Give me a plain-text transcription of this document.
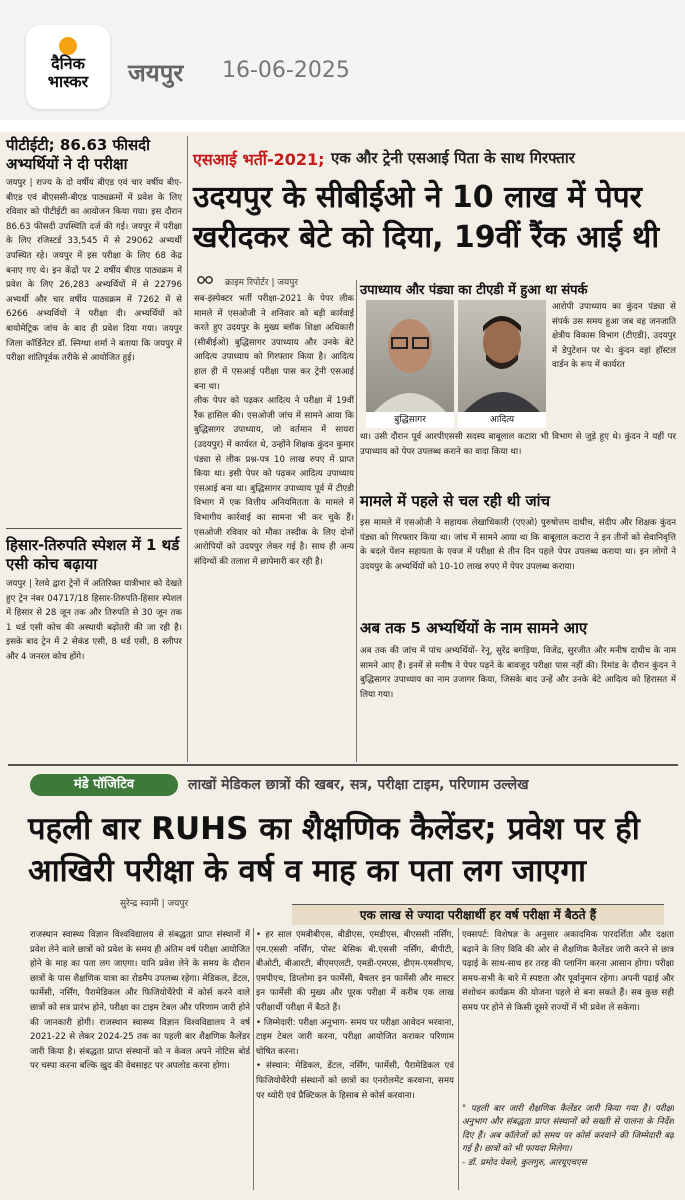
दैनिक
भास्कर	जयपुर 16-06-2025
पीटीईटी; 86.63 फीसदी अभ्यर्थियों ने दी परीक्षा
जयपुर | राज्य के दो वर्षीय बीएड एवं चार वर्षीय बीए-बीएड एवं बीएससी-बीएड पाठ्यक्रमों में प्रवेश के लिए रविवार को पीटीईटी का आयोजन किया गया। इस दौरान 86.63 फीसदी उपस्थिति दर्ज की गई। जयपुर में परीक्षा के लिए रजिस्टर्ड 33,545 में से 29062 अभ्यर्थी उपस्थित रहे। जयपुर में इस परीक्षा के लिए 68 केंद्र बनाए गए थे। इन केंद्रों पर 2 वर्षीय बीएड पाठ्यक्रम में प्रवेश के लिए 26,283 अभ्यर्थियों में से 22796 अभ्यर्थी और चार वर्षीय पाठ्यक्रम में 7262 में से 6266 अभ्यर्थियों ने परीक्षा दी। अभ्यर्थियों को बायोमेट्रिक जांच के बाद ही प्रवेश दिया गया। जयपुर जिला कॉर्डिनेटर डॉ. स्निग्धा शर्मा ने बताया कि जयपुर में परीक्षा शांतिपूर्वक तरीके से आयोजित हुई।
हिसार-तिरुपति स्पेशल में 1 थर्ड एसी कोच बढ़ाया
जयपुर | रेलवे द्वारा ट्रेनों में अतिरिक्त यात्रीभार को देखते हुए ट्रेन नंबर 04717/18 हिसार-तिरुपति-हिसार स्पेशल में हिसार से 28 जून तक और तिरुपति से 30 जून तक 1 थर्ड एसी कोच की अस्थायी बढ़ोतरी की जा रही है। इसके बाद ट्रेन में 2 सेकंड एसी, 8 थर्ड एसी, 8 स्लीपर और 4 जनरल कोच होंगे।
एसआई भर्ती-2021; एक और ट्रेनी एसआई पिता के साथ गिरफ्तार
उदयपुर के सीबीईओ ने 10 लाख में पेपर खरीदकर बेटे को दिया, 19वीं रैंक आई थी
क्राइम रिपोर्टर | जयपुर
सब-इंस्पेक्टर भर्ती परीक्षा-2021 के पेपर लीक मामले में एसओजी ने शनिवार को बड़ी कार्रवाई करते हुए उदयपुर के मुख्य ब्लॉक शिक्षा अधिकारी (सीबीईओ) बुद्धिसागर उपाध्याय और उनके बेटे आदित्य उपाध्याय को गिरफ्तार किया है। आदित्य हाल ही में एसआई परीक्षा पास कर ट्रेनी एसआई बना था।
लीक पेपर को पढ़कर आदित्य ने परीक्षा में 19वीं रैंक हासिल की। एसओजी जांच में सामने आया कि बुद्धिसागर उपाध्याय, जो वर्तमान में सायरा (उदयपुर) में कार्यरत थे, उन्होंने शिक्षक कुंदन कुमार पंड्या से लीक प्रश्न-पत्र 10 लाख रुपए में प्राप्त किया था। इसी पेपर को पढ़कर आदित्य उपाध्याय एसआई बना था। बुद्धिसागर उपाध्याय पूर्व में टीएडी विभाग में एक वित्तीय अनियमितता के मामले में विभागीय कार्रवाई का सामना भी कर चुके हैं। एसओजी रविवार को मौका तस्दीक के लिए दोनों आरोपियों को उदयपुर लेकर गई है। साथ ही अन्य संदिग्धों की तलाश में छापेमारी कर रही है।
उपाध्याय और पंड्या का टीएडी में हुआ था संपर्क
बुद्धिसागर	आदित्य
आरोपी उपाध्याय का कुंदन पंड्या से संपर्क उस समय हुआ जब वह जनजाति क्षेत्रीय विकास विभाग (टीएडी), उदयपुर में डेपुटेशन पर थे। कुंदन वहां हॉस्टल वार्डन के रूप में कार्यरत
था। उसी दौरान पूर्व आरपीएससी सदस्य बाबूलाल कटारा भी विभाग से जुड़े हुए थे। कुंदन ने यहीं पर उपाध्याय को पेपर उपलब्ध कराने का वादा किया था।
मामले में पहले से चल रही थी जांच
इस मामले में एसओजी ने सहायक लेखाधिकारी (एएओ) पुरुषोत्तम दाधीच, संदीप और शिक्षक कुंदन पंड्या को गिरफ्तार किया था। जांच में सामने आया था कि बाबूलाल कटारा ने इन तीनों को सेवानिवृत्ति के बदले पेंशन सहायता के एवज में परीक्षा से तीन दिन पहले पेपर उपलब्ध कराया था। इन लोगों ने उदयपुर के अभ्यर्थियों को 10-10 लाख रुपए में पेपर उपलब्ध कराया।
अब तक 5 अभ्यर्थियों के नाम सामने आए
अब तक की जांच में पांच अभ्यर्थियों- रेनू, सुरेंद्र बगड़िया, विजेंद्र, सुरजीत और मनीष दाधीच के नाम सामने आए हैं। इनमें से मनीष ने पेपर पढ़ने के बावजूद परीक्षा पास नहीं की। रिमांड के दौरान कुंदन ने बुद्धिसागर उपाध्याय का नाम उजागर किया, जिसके बाद उन्हें और उनके बेटे आदित्य को हिरासत में लिया गया।
मंडे पॉजिटिव	लाखों मेडिकल छात्रों की खबर, सत्र, परीक्षा टाइम, परिणाम उल्लेख
पहली बार RUHS का शैक्षणिक कैलेंडर; प्रवेश पर ही आखिरी परीक्षा के वर्ष व माह का पता लग जाएगा
सुरेन्द्र स्वामी | जयपुर
एक लाख से ज्यादा परीक्षार्थी हर वर्ष परीक्षा में बैठते हैं
राजस्थान स्वास्थ्य विज्ञान विश्वविद्यालय से संबद्धता प्राप्त संस्थानों में प्रवेश लेने वाले छात्रों को प्रवेश के समय ही अंतिम वर्ष परीक्षा आयोजित होने के माह का पता लग जाएगा। यानि प्रवेश लेने के समय के दौरान छात्रों के पास शैक्षणिक यात्रा का रोडमैप उपलब्ध रहेगा। मेडिकल, डेंटल, फार्मेसी, नर्सिंग, पैरामेडिकल और फिजियोथैरेपी में कोर्स करने वाले छात्रों को सत्र प्रारंभ होने, परीक्षा का टाइम टेबल और परिणाम जारी होने की जानकारी होगी। राजस्थान स्वास्थ्य विज्ञान विश्वविद्यालय ने वर्ष 2021-22 से लेकर 2024-25 तक का पहली बार शैक्षणिक कैलेंडर जारी किया है। संबद्धता प्राप्त संस्थानों को न केवल अपने नोटिस बोर्ड पर चस्पा करना बल्कि खुद की वेबसाइट पर अपलोड करना होगा।
• हर साल एमबीबीएस, बीडीएस, एमडीएस, बीएससी नर्सिंग, एम.एससी नर्सिंग, पोस्ट बेसिक बी.एससी नर्सिंग, बीपीटी, बीओटी, बीआरटी, बीएमएलटी, एमडी-एमएस, डीएम-एमसीएच, एमपीएच, डिप्लोमा इन फार्मेसी, बैचलर इन फार्मेसी और मास्टर इन फार्मेसी की मुख्य और पूरक परीक्षा में करीब एक लाख परीक्षार्थी परीक्षा में बैठते हैं।
• जिम्मेदारी: परीक्षा अनुभाग- समय पर परीक्षा आवेदन भरवाना, टाइम टेबल जारी करना, परीक्षा आयोजित कराकर परिणाम घोषित करना।
• संस्थान: मेडिकल, डेंटल, नर्सिंग, फार्मेसी, पैरामेडिकल एवं फिजियोथैरेपी संस्थानों को छात्रों का एनरोलमेंट करवाना, समय पर थ्योरी एवं प्रैक्टिकल के हिसाब से कोर्स करवाना।
एक्सपर्ट: विशेषज्ञ के अनुसार अकादमिक पारदर्शिता और दक्षता बढ़ाने के लिए विवि की ओर से शैक्षणिक कैलेंडर जारी करने से छात्र पढ़ाई के साथ-साथ हर तरह की प्लानिंग करना आसान होगा। परीक्षा समय-सभी के बारे में स्पष्टता और पूर्वानुमान रहेगा। अपनी पढ़ाई और संशोधन कार्यक्रम की योजना पहले से बना सकते हैं। सब कुछ सही समय पर होने से किसी दूसरे राज्यों में भी प्रवेश ले सकेगा।
" पहली बार जारी शैक्षणिक कैलेंडर जारी किया गया है। परीक्षा अनुभाग और संबद्धता प्राप्त संस्थानों को सख्ती से पालना के निर्देश दिए हैं। अब कॉलेजों को समय पर कोर्स करवाने की जिम्मेदारी बढ़ गई है। छात्रों को भी फायदा मिलेगा।
- डॉ. प्रमोद येवले, कुलगुरु, आरयूएचएस
